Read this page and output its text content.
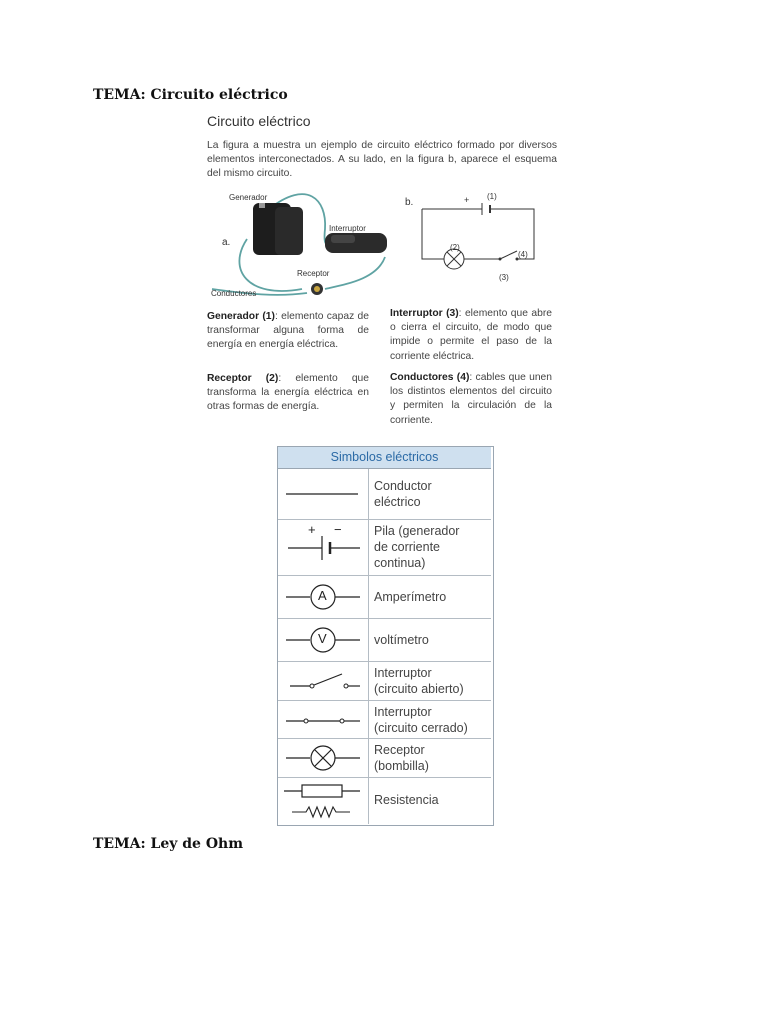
TEMA: Circuito eléctrico
Circuito eléctrico
La figura a muestra un ejemplo de circuito eléctrico formado por diversos elementos interconectados. A su lado, en la figura b, aparece el esquema del mismo circuito.
Generador
Interruptor
a.
Receptor
Conductores
b.	+ (1)
(2)
(4)
(3)
Generador (1): elemento capaz de transformar alguna forma de energía en energía eléctrica.
Interruptor (3): elemento que abre o cierra el circuito, de modo que impide o permite el paso de la corriente eléctrica.
Receptor (2): elemento que transforma la energía eléctrica en otras formas de energía.
Conductores (4): cables que unen los distintos elementos del circuito y permiten la circulación de la corriente.
Simbolos eléctricos
Conductor
eléctrico
+ −	Pila (generador
de corriente
continua)
A	Amperímetro
V	voltímetro
Interruptor
(circuito abierto)
Interruptor
(circuito cerrado)
Receptor
(bombilla)
Resistencia
TEMA: Ley de Ohm
